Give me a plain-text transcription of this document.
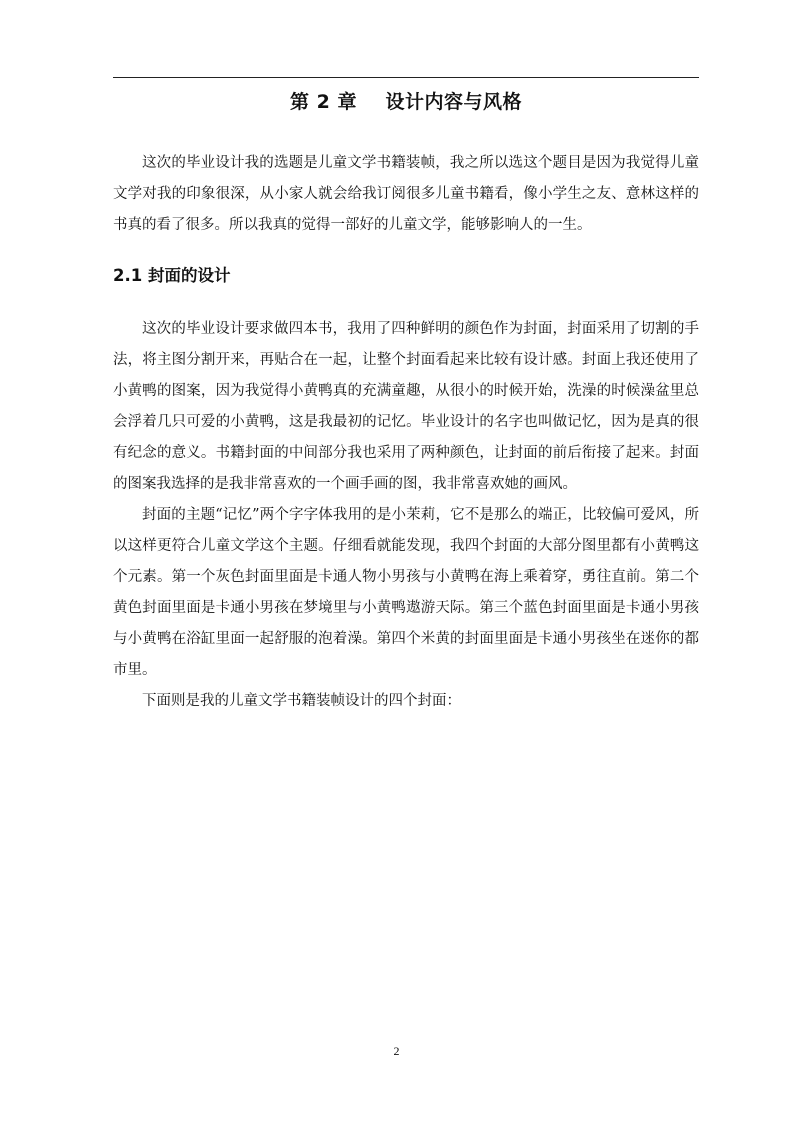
第 2 章    设计内容与风格

这次的毕业设计我的选题是儿童文学书籍装帧，我之所以选这个题目是因为我觉得儿童文学对我的印象很深，从小家人就会给我订阅很多儿童书籍看，像小学生之友、意林这样的书真的看了很多。所以我真的觉得一部好的儿童文学，能够影响人的一生。

2.1 封面的设计

这次的毕业设计要求做四本书，我用了四种鲜明的颜色作为封面，封面采用了切割的手法，将主图分割开来，再贴合在一起，让整个封面看起来比较有设计感。封面上我还使用了小黄鸭的图案，因为我觉得小黄鸭真的充满童趣，从很小的时候开始，洗澡的时候澡盆里总会浮着几只可爱的小黄鸭，这是我最初的记忆。毕业设计的名字也叫做记忆，因为是真的很有纪念的意义。书籍封面的中间部分我也采用了两种颜色，让封面的前后衔接了起来。封面的图案我选择的是我非常喜欢的一个画手画的图，我非常喜欢她的画风。

封面的主题“记忆”两个字字体我用的是小茉莉，它不是那么的端正，比较偏可爱风，所以这样更符合儿童文学这个主题。仔细看就能发现，我四个封面的大部分图里都有小黄鸭这个元素。第一个灰色封面里面是卡通人物小男孩与小黄鸭在海上乘着穿，勇往直前。第二个黄色封面里面是卡通小男孩在梦境里与小黄鸭遨游天际。第三个蓝色封面里面是卡通小男孩与小黄鸭在浴缸里面一起舒服的泡着澡。第四个米黄的封面里面是卡通小男孩坐在迷你的都市里。

下面则是我的儿童文学书籍装帧设计的四个封面：

2
